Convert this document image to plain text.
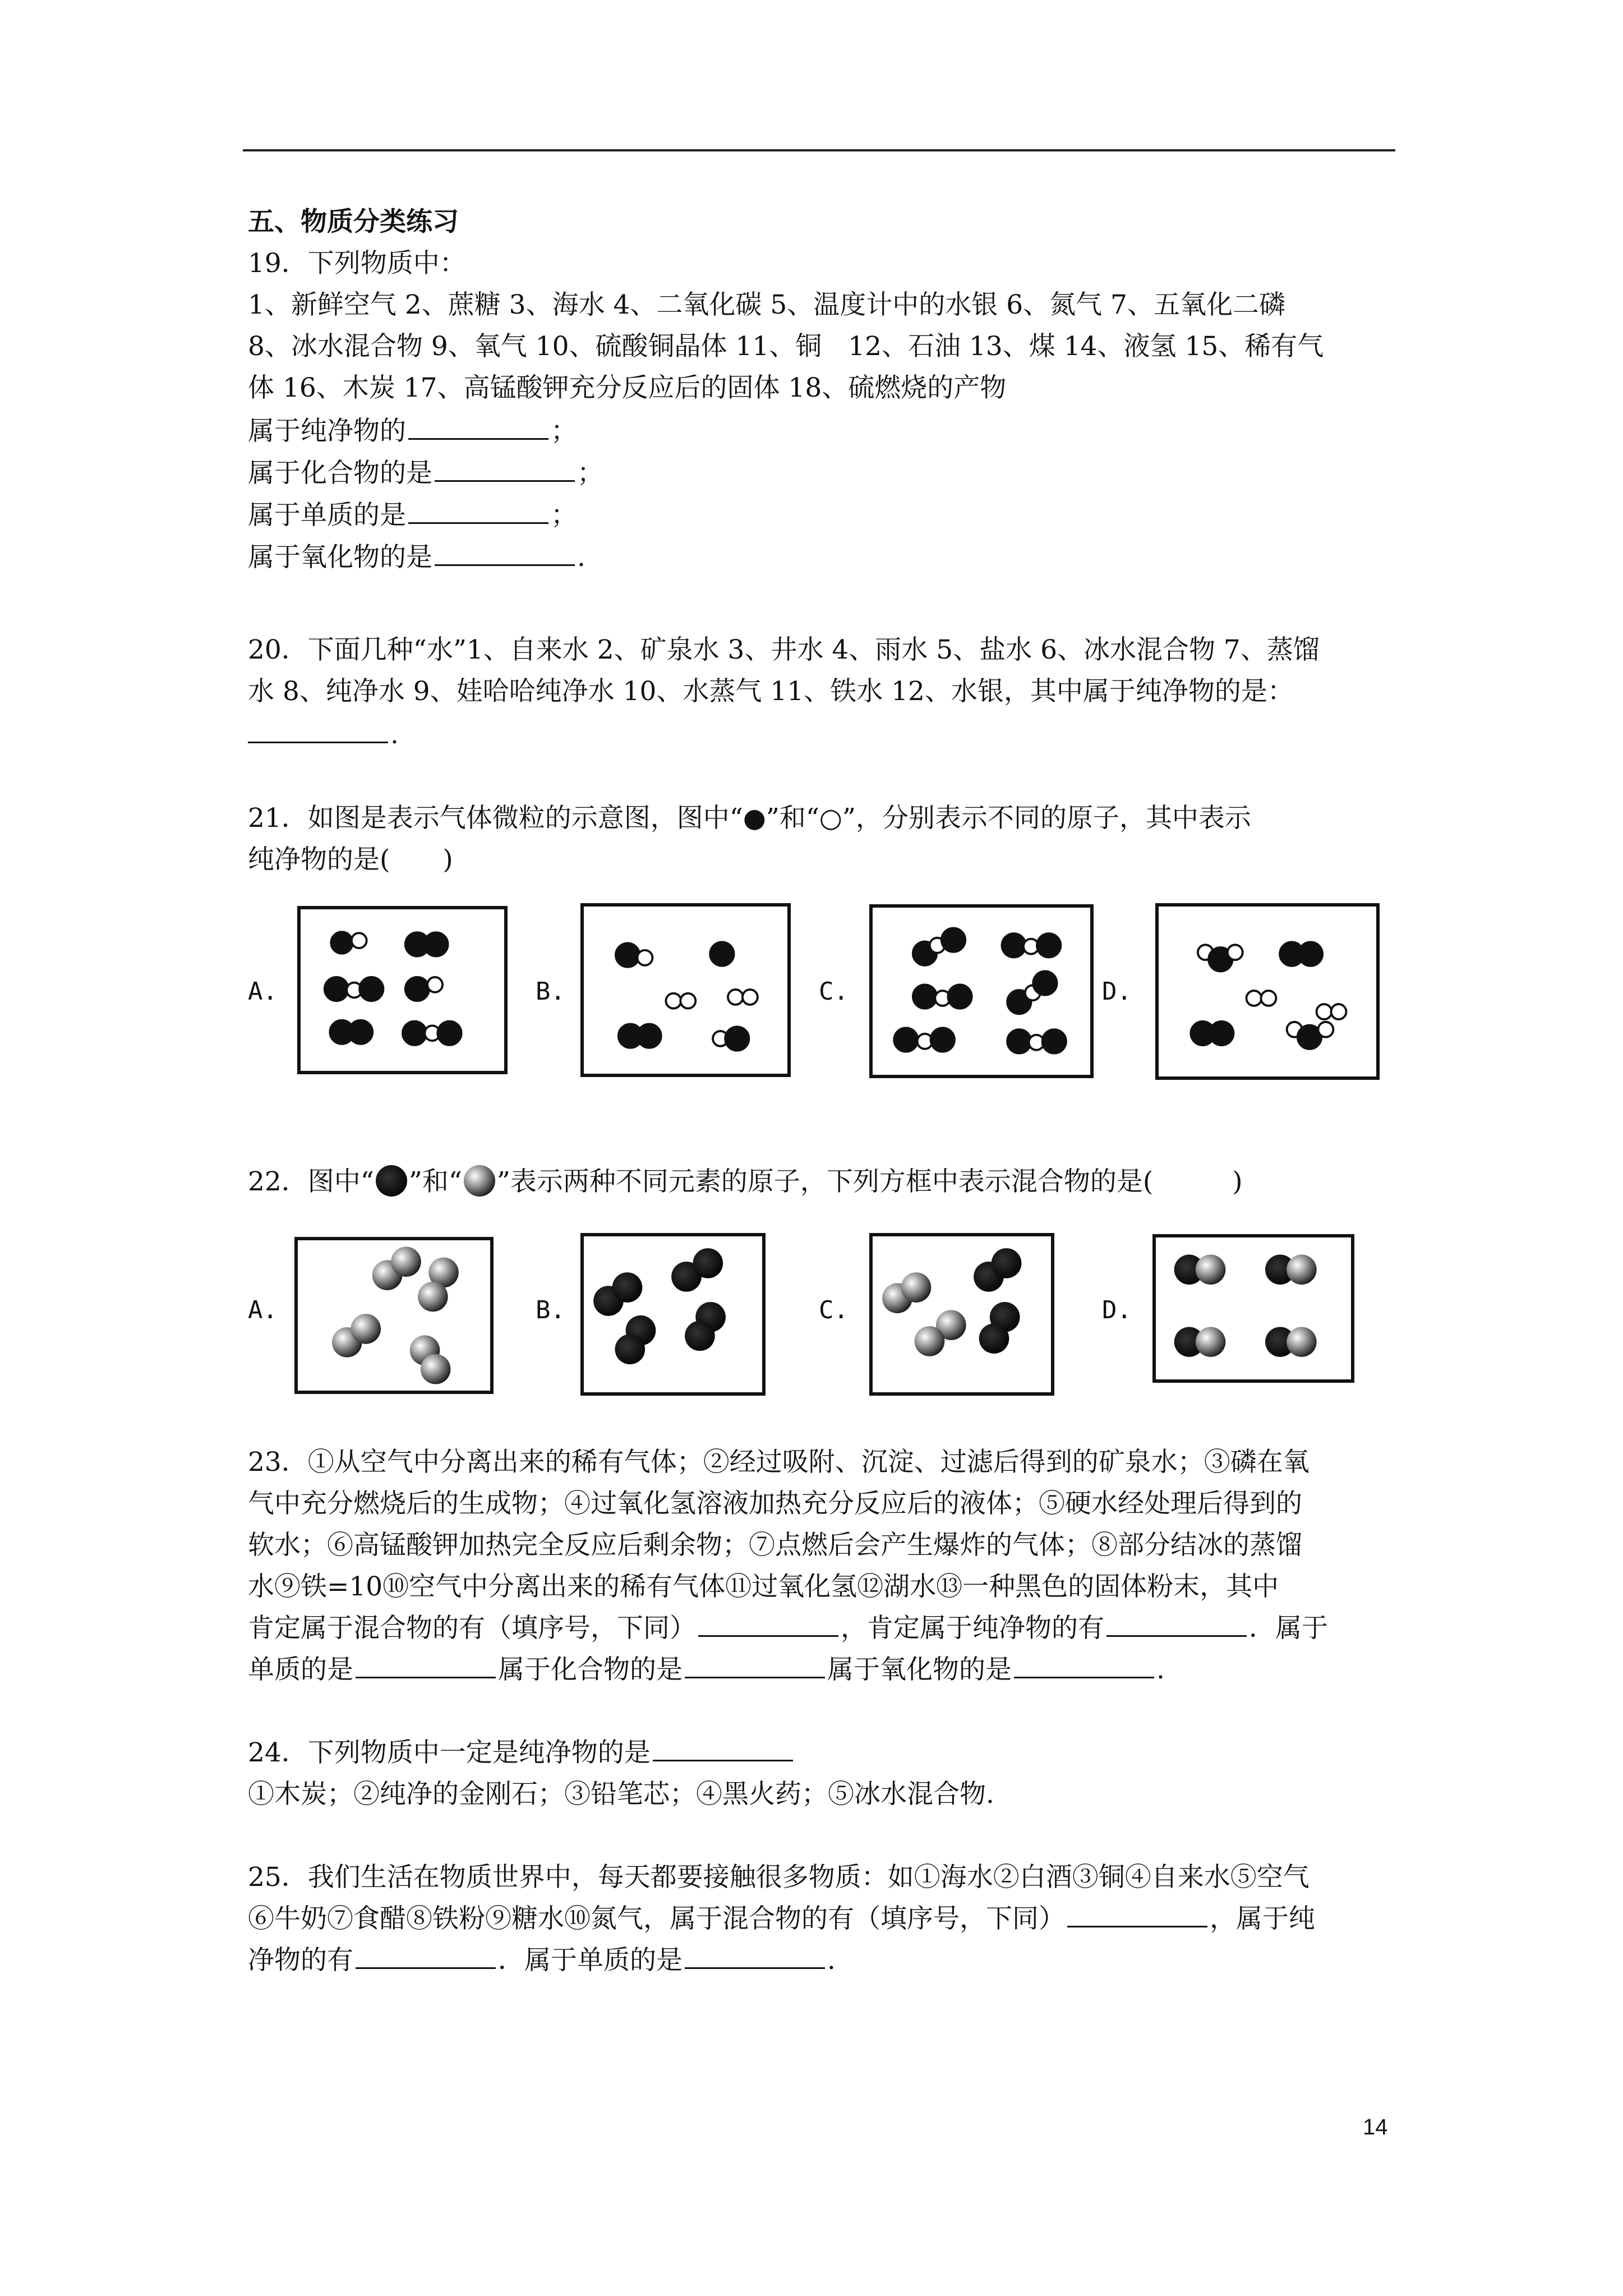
五、物质分类练习
19．下列物质中：
1、新鲜空气 2、蔗糖 3、海水 4、二氧化碳 5、温度计中的水银 6、氮气 7、五氧化二磷
8、冰水混合物 9、氧气 10、硫酸铜晶体 11、铜　12、石油 13、煤 14、液氢 15、稀有气
体 16、木炭 17、高锰酸钾充分反应后的固体 18、硫燃烧的产物
属于纯净物的	；
属于化合物的是	；
属于单质的是	；
属于氧化物的是	.
20．下面几种“水”1、自来水 2、矿泉水 3、井水 4、雨水 5、盐水 6、冰水混合物 7、蒸馏
水 8、纯净水 9、娃哈哈纯净水 10、水蒸气 11、铁水 12、水银，其中属于纯净物的是：
.
21．如图是表示气体微粒的示意图，图中“●”和“○”，分别表示不同的原子，其中表示
纯净物的是(　　)
A.	B.	C.	D.
22．图中“ ”和“ ”表示两种不同元素的原子，下列方框中表示混合物的是(　　　)
A.	B.	C.	D.
23．①从空气中分离出来的稀有气体；②经过吸附、沉淀、过滤后得到的矿泉水；③磷在氧
气中充分燃烧后的生成物；④过氧化氢溶液加热充分反应后的液体；⑤硬水经处理后得到的
软水；⑥高锰酸钾加热完全反应后剩余物；⑦点燃后会产生爆炸的气体；⑧部分结冰的蒸馏
水⑨铁=10⑩空气中分离出来的稀有气体⑪过氧化氢⑫湖水⑬一种黑色的固体粉末，其中
肯定属于混合物的有（填序号，下同）	，肯定属于纯净物的有	．属于
单质的是	属于化合物的是	属于氧化物的是	.
24．下列物质中一定是纯净物的是
①木炭；②纯净的金刚石；③铅笔芯；④黑火药；⑤冰水混合物.
25．我们生活在物质世界中，每天都要接触很多物质：如①海水②白酒③铜④自来水⑤空气
⑥牛奶⑦食醋⑧铁粉⑨糖水⑩氮气，属于混合物的有（填序号，下同）	，属于纯
净物的有	．属于单质的是	.
14
